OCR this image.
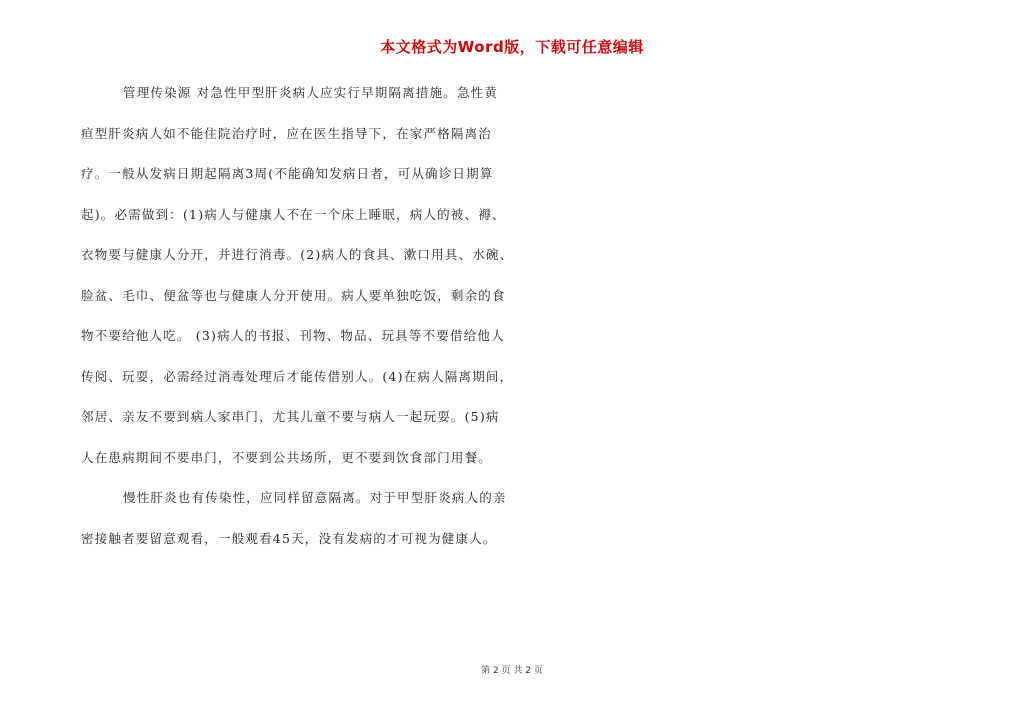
本文格式为Word版，下载可任意编辑
管理传染源 对急性甲型肝炎病人应实行早期隔离措施。急性黄
疸型肝炎病人如不能住院治疗时，应在医生指导下，在家严格隔离治
疗。一般从发病日期起隔离3周(不能确知发病日者，可从确诊日期算
起)。必需做到：(1)病人与健康人不在一个床上睡眠，病人的被、褥、
衣物要与健康人分开，并进行消毒。(2)病人的食具、漱口用具、水碗、
脸盆、毛巾、便盆等也与健康人分开使用。病人要单独吃饭，剩余的食
物不要给他人吃。 (3)病人的书报、刊物、物品、玩具等不要借给他人
传阅、玩耍，必需经过消毒处理后才能传借别人。(4)在病人隔离期间，
邻居、亲友不要到病人家串门，尤其儿童不要与病人一起玩耍。(5)病
人在患病期间不要串门，不要到公共场所，更不要到饮食部门用餐。
慢性肝炎也有传染性，应同样留意隔离。对于甲型肝炎病人的亲
密接触者要留意观看，一般观看45天，没有发病的才可视为健康人。
第 2 页 共 2 页
